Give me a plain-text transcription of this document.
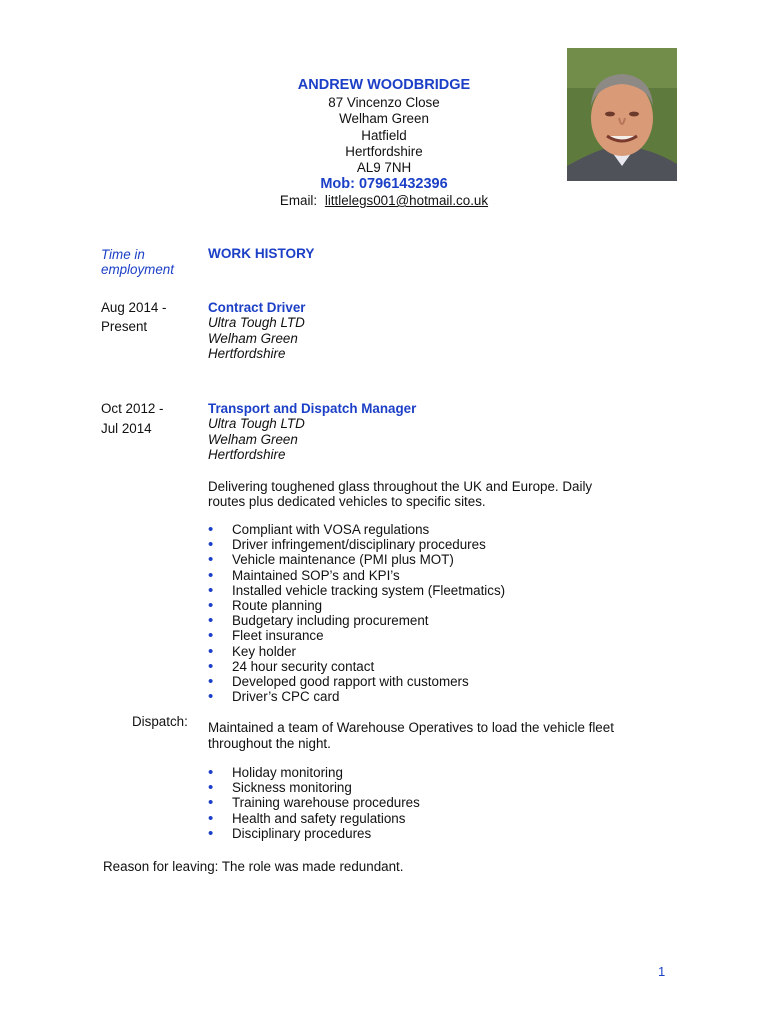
ANDREW WOODBRIDGE
87 Vincenzo Close
Welham Green
Hatfield
Hertfordshire
AL9 7NH
Mob: 07961432396
Email: littlelegs001@hotmail.co.uk
Time in
employment
WORK HISTORY
Aug 2014 -
Present
Contract Driver
Ultra Tough LTD
Welham Green
Hertfordshire
Oct 2012 -
Jul 2014
Transport and Dispatch Manager
Ultra Tough LTD
Welham Green
Hertfordshire
Delivering toughened glass throughout the UK and Europe. Daily
routes plus dedicated vehicles to specific sites.
• Compliant with VOSA regulations
• Driver infringement/disciplinary procedures
• Vehicle maintenance (PMI plus MOT)
• Maintained SOP’s and KPI’s
• Installed vehicle tracking system (Fleetmatics)
• Route planning
• Budgetary including procurement
• Fleet insurance
• Key holder
• 24 hour security contact
• Developed good rapport with customers
• Driver’s CPC card
Dispatch: Maintained a team of Warehouse Operatives to load the vehicle fleet
throughout the night.
• Holiday monitoring
• Sickness monitoring
• Training warehouse procedures
• Health and safety regulations
• Disciplinary procedures
Reason for leaving: The role was made redundant.
1
